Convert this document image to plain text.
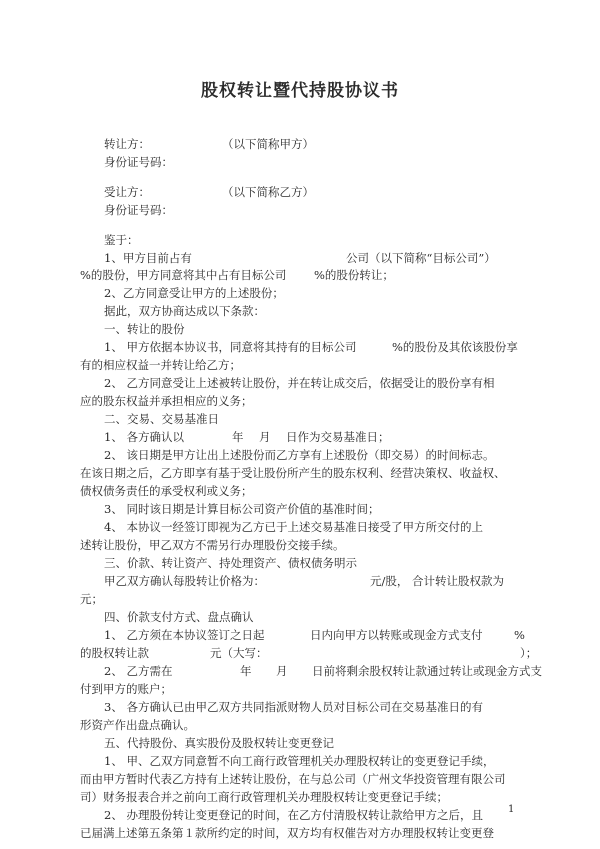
股权转让暨代持股协议书
转让方：	（以下简称甲方）
身份证号码：
受让方：	（以下简称乙方）
身份证号码：
鉴于：
1、甲方目前占有	公司（以下简称“目标公司”）
%的股份，甲方同意将其中占有目标公司 %的股份转让；
2、乙方同意受让甲方的上述股份；
据此，双方协商达成以下条款：
一、转让的股份
1、 甲方依据本协议书，同意将其持有的目标公司	%的股份及其依该股份享
有的相应权益一并转让给乙方；
2、 乙方同意受让上述被转让股份，并在转让成交后，依据受让的股份享有相
应的股东权益并承担相应的义务；
二、交易、交易基准日
1、 各方确认以	年 月 日作为交易基准日；
2、 该日期是甲方让出上述股份而乙方享有上述股份（即交易）的时间标志。
在该日期之后，乙方即享有基于受让股份所产生的股东权利、经营决策权、收益权、
债权债务责任的承受权利或义务；
3、 同时该日期是计算目标公司资产价值的基准时间；
4、 本协议一经签订即视为乙方已于上述交易基准日接受了甲方所交付的上
述转让股份，甲乙双方不需另行办理股份交接手续。
三、价款、转让资产、持处理资产、债权债务明示
甲乙双方确认每股转让价格为：	元/股， 合计转让股权款为
元；
四、价款支付方式、盘点确认
1、 乙方须在本协议签订之日起	日内向甲方以转账或现金方式支付	%
的股权转让款	元（大写：	）；
2、 乙方需在	年 月 日前将剩余股权转让款通过转让或现金方式支
付到甲方的账户；
3、 各方确认已由甲乙双方共同指派财物人员对目标公司在交易基准日的有
形资产作出盘点确认。
五、代持股份、真实股份及股权转让变更登记
1、 甲、乙双方同意暂不向工商行政管理机关办理股权转让的变更登记手续，
而由甲方暂时代表乙方持有上述转让股份，在与总公司（广州文华投资管理有限公司
司）财务报表合并之前向工商行政管理机关办理股权转让变更登记手续；
2、 办理股份转让变更登记的时间，在乙方付清股权转让款给甲方之后，且
已届满上述第五条第１款所约定的时间，双方均有权催告对方办理股权转让变更登
1
